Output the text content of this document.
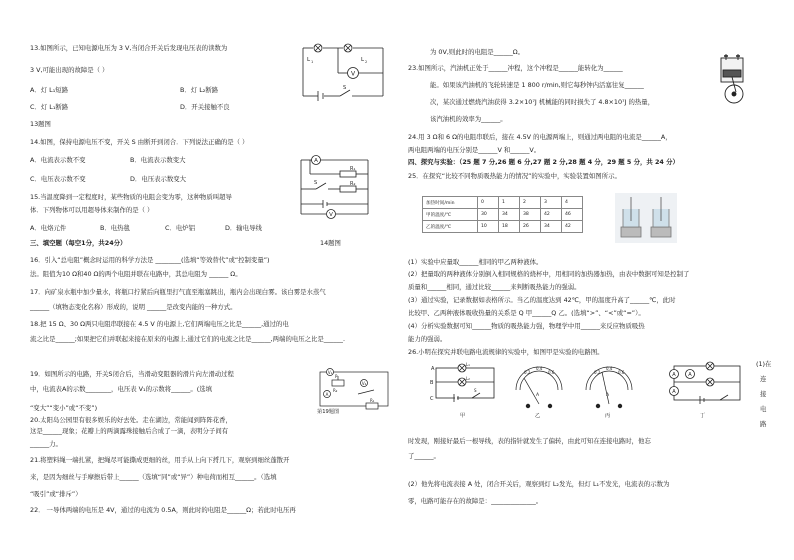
13.如图所示，已知电源电压为 3 V,当闭合开关后发现电压表的读数为
3 V,可能出现的故障是（ ）
A．灯 L₁短路	B．灯 L₂断路
C．灯 L₁断路	D．开关接触不良
13题图
14.如图，保持电源电压不变，开关 S 由断开到闭合．下列说法正确的是（ ）
A．电流表示数不变	B．电流表示数变大
C．电压表示数不变	D．电压表示数变大
15.当温度降到一定程度时，某些物质的电阻会变为零，这种物质叫超导
体．下列物体可以用超导体来制作的是（ ）
A．电烙元件	B．电热毯	C．电炉铝	D．输电导线
三、填空题（每空1分，共24分）	14题图
16．引入“总电阻”概念时运用的科学方法是 ________(选填“等效替代”或“控制变量”)
法。阻值为10 Ω和40 Ω的两个电阻并联在电路中，其总电阻为 ______ Ω。
17．向矿泉水瓶中加少量水，将瓶口拧紧后向瓶里打气直至瓶塞跳出，瓶内会出现白雾。该白雾是水蒸气
______（填物态变化名称）形成的，说明 ______是改变内能的一种方式。
18.把 15 Ω、30 Ω两只电阻串联接在 4.5 V 的电源上,它们两端电压之比是______,通过的电
流之比是______;如果把它们并联起来接在原来的电源上,通过它们的电流之比是______,两端的电压之比是______.
19．如图所示的电路，开关S闭合后，当滑动变阻器的滑片向左滑动过程
中，电流表A的示数________，电压表 V₁的示数将______。(选填
“变大”“变小”或“不变”)	第19题图
20.太阳岛公园里有很多娱乐的好去处。走在湖边，常能闻到阵阵花香，
这是______现象；花瓣上的两滴露珠接触后合成了一滴，表明分子间有
______力。
21.将塑料绳一端扎紧，把绳尽可能撕成更细的丝，用手从上向下捋几下，观察到细丝蓬散开
来，是因为细丝与手摩擦后带上______（选填“同”或“异”）种电荷而相互______。（选填
“吸引”或“排斥”）
22． 一导体两端的电压是 4V，通过的电流为 0.5A，则此时的电阻是______Ω；若此时电压再
V
L 1	L 2
S
A
V
R₁
R₂
S
V₁
V₂
A
R₂
R₁
P
为 0V,则此时的电阻是______Ω。
23.如图所示，汽油机正处于______冲程，这个冲程是______能转化为______
能。如果该汽油机的飞轮转速是 1 800 r/min,则它每秒钟内活塞往复______
次，某次通过燃烧汽油获得 3.2×10⁷J 机械能的同时损失了 4.8×10⁷J 的热量，
该汽油机的效率为______。
24.用 3 Ω和 6 Ω的电阻串联后，接在 4.5V 的电源两端上，则通过两电阻的电流是______A，
两电阻两端的电压分别是______V 和______V。
四、探究与实验：（25 题 7 分,26 题 6 分,27 题 2 分,28 题 4 分，29 题 5 分，共 24 分）
25．在探究“比较不同物质吸热能力的情况”的实验中，实验装置如图所示。
(1）实验中应量取______相同的甲乙两种液体。
(2）把量取的两种液体分别倒入相同规格的烧杯中，用相同的加热器加热，由表中数据可知是控制了
质量和______相同，通过比较______来判断吸热能力的强弱。
(3）通过实验，记录数据如表格所示。当乙的温度达到 42℃，甲的温度升高了______℃，此时
比较甲、乙两种液体吸收热量的关系是 Q 甲______Q 乙。(选填“>”、“<”或“=”）。
(4）分析实验数据可知______物质的吸热能力强，物理学中用______来反应物质吸热
能力的强弱。
26.小明在探究并联电路电流规律的实验中，如图甲是实验的电路图。
(1)在
连
接
电
路
时发现，刚接好最后一根导线，表的指针就发生了偏转，由此可知在连接电路时，他忘
了______。
(2）他先将电流表接 A 处，闭合开关后，观察到灯 L₂发光，但灯 L₁不发光，电流表的示数为
零，电路可能存在的故障是：______________。
加热时间/min	0	1	2	3	4
甲的温度/℃	30	34	38	42	46
乙的温度/℃	10	18	26	34	42
A
B
C
L₁
L₂
S
甲
0.2
0.4
0.6
A
乙
0.2
0.4
0.6
A
丙
A	A
A
丁
